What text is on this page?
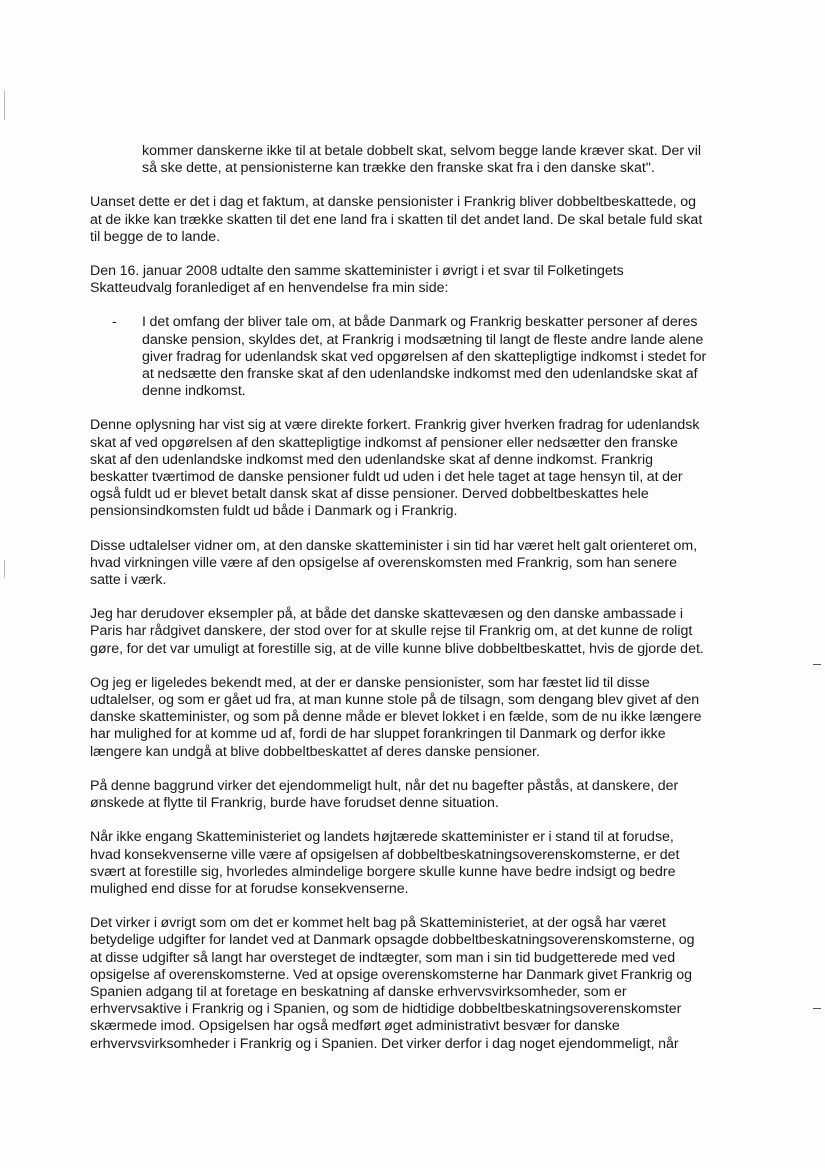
kommer danskerne ikke til at betale dobbelt skat, selvom begge lande kræver skat. Der vil
så ske dette, at pensionisterne kan trække den franske skat fra i den danske skat".
Uanset dette er det i dag et faktum, at danske pensionister i Frankrig bliver dobbeltbeskattede, og
at de ikke kan trække skatten til det ene land fra i skatten til det andet land. De skal betale fuld skat
til begge de to lande.
Den 16. januar 2008 udtalte den samme skatteminister i øvrigt i et svar til Folketingets
Skatteudvalg foranlediget af en henvendelse fra min side:
- I det omfang der bliver tale om, at både Danmark og Frankrig beskatter personer af deres
danske pension, skyldes det, at Frankrig i modsætning til langt de fleste andre lande alene
giver fradrag for udenlandsk skat ved opgørelsen af den skattepligtige indkomst i stedet for
at nedsætte den franske skat af den udenlandske indkomst med den udenlandske skat af
denne indkomst.
Denne oplysning har vist sig at være direkte forkert. Frankrig giver hverken fradrag for udenlandsk
skat af ved opgørelsen af den skattepligtige indkomst af pensioner eller nedsætter den franske
skat af den udenlandske indkomst med den udenlandske skat af denne indkomst. Frankrig
beskatter tværtimod de danske pensioner fuldt ud uden i det hele taget at tage hensyn til, at der
også fuldt ud er blevet betalt dansk skat af disse pensioner. Derved dobbeltbeskattes hele
pensionsindkomsten fuldt ud både i Danmark og i Frankrig.
Disse udtalelser vidner om, at den danske skatteminister i sin tid har været helt galt orienteret om,
hvad virkningen ville være af den opsigelse af overenskomsten med Frankrig, som han senere
satte i værk.
Jeg har derudover eksempler på, at både det danske skattevæsen og den danske ambassade i
Paris har rådgivet danskere, der stod over for at skulle rejse til Frankrig om, at det kunne de roligt
gøre, for det var umuligt at forestille sig, at de ville kunne blive dobbeltbeskattet, hvis de gjorde det.
Og jeg er ligeledes bekendt med, at der er danske pensionister, som har fæstet lid til disse
udtalelser, og som er gået ud fra, at man kunne stole på de tilsagn, som dengang blev givet af den
danske skatteminister, og som på denne måde er blevet lokket i en fælde, som de nu ikke længere
har mulighed for at komme ud af, fordi de har sluppet forankringen til Danmark og derfor ikke
længere kan undgå at blive dobbeltbeskattet af deres danske pensioner.
På denne baggrund virker det ejendommeligt hult, når det nu bagefter påstås, at danskere, der
ønskede at flytte til Frankrig, burde have forudset denne situation.
Når ikke engang Skatteministeriet og landets højtærede skatteminister er i stand til at forudse,
hvad konsekvenserne ville være af opsigelsen af dobbeltbeskatningsoverenskomsterne, er det
svært at forestille sig, hvorledes almindelige borgere skulle kunne have bedre indsigt og bedre
mulighed end disse for at forudse konsekvenserne.
Det virker i øvrigt som om det er kommet helt bag på Skatteministeriet, at der også har været
betydelige udgifter for landet ved at Danmark opsagde dobbeltbeskatningsoverenskomsterne, og
at disse udgifter så langt har oversteget de indtægter, som man i sin tid budgetterede med ved
opsigelse af overenskomsterne. Ved at opsige overenskomsterne har Danmark givet Frankrig og
Spanien adgang til at foretage en beskatning af danske erhvervsvirksomheder, som er
erhvervsaktive i Frankrig og i Spanien, og som de hidtidige dobbeltbeskatningsoverenskomster
skærmede imod. Opsigelsen har også medført øget administrativt besvær for danske
erhvervsvirksomheder i Frankrig og i Spanien. Det virker derfor i dag noget ejendommeligt, når
